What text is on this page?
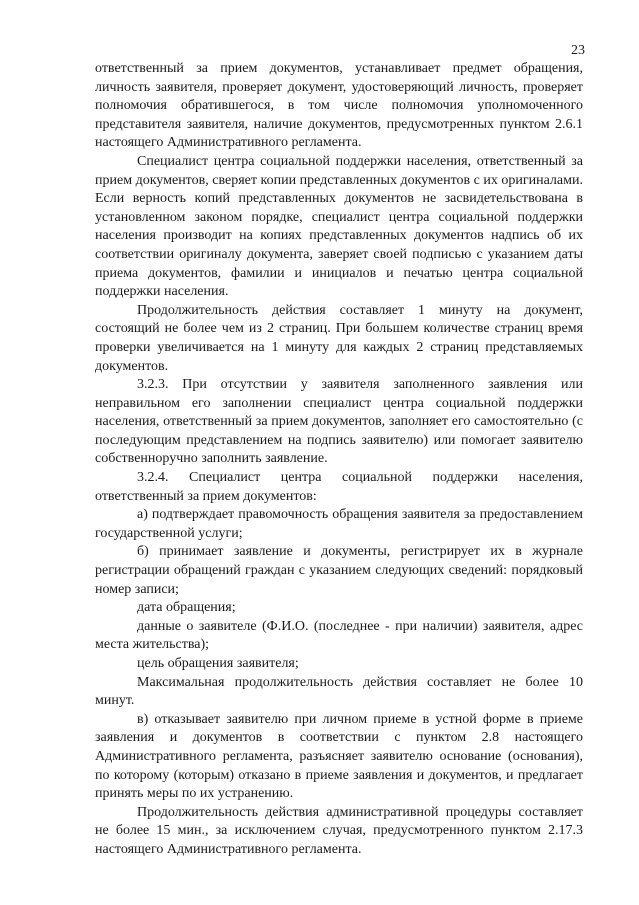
23

ответственный за прием документов, устанавливает предмет обращения, личность заявителя, проверяет документ, удостоверяющий личность, проверяет полномочия обратившегося, в том числе полномочия уполномоченного представителя заявителя, наличие документов, предусмотренных пунктом 2.6.1 настоящего Административного регламента.

Специалист центра социальной поддержки населения, ответственный за прием документов, сверяет копии представленных документов с их оригиналами. Если верность копий представленных документов не засвидетельствована в установленном законом порядке, специалист центра социальной поддержки населения производит на копиях представленных документов надпись об их соответствии оригиналу документа, заверяет своей подписью с указанием даты приема документов, фамилии и инициалов и печатью центра социальной поддержки населения.

Продолжительность действия составляет 1 минуту на документ, состоящий не более чем из 2 страниц. При большем количестве страниц время проверки увеличивается на 1 минуту для каждых 2 страниц представляемых документов.

3.2.3. При отсутствии у заявителя заполненного заявления или неправильном его заполнении специалист центра социальной поддержки населения, ответственный за прием документов, заполняет его самостоятельно (с последующим представлением на подпись заявителю) или помогает заявителю собственноручно заполнить заявление.

3.2.4. Специалист центра социальной поддержки населения, ответственный за прием документов:

а) подтверждает правомочность обращения заявителя за предоставлением государственной услуги;

б) принимает заявление и документы, регистрирует их в журнале регистрации обращений граждан с указанием следующих сведений: порядковый номер записи;

дата обращения;

данные о заявителе (Ф.И.О. (последнее - при наличии) заявителя, адрес места жительства);

цель обращения заявителя;

Максимальная продолжительность действия составляет не более 10 минут.

в) отказывает заявителю при личном приеме в устной форме в приеме заявления и документов в соответствии с пунктом 2.8 настоящего Административного регламента, разъясняет заявителю основание (основания), по которому (которым) отказано в приеме заявления и документов, и предлагает принять меры по их устранению.

Продолжительность действия административной процедуры составляет не более 15 мин., за исключением случая, предусмотренного пунктом 2.17.3 настоящего Административного регламента.
